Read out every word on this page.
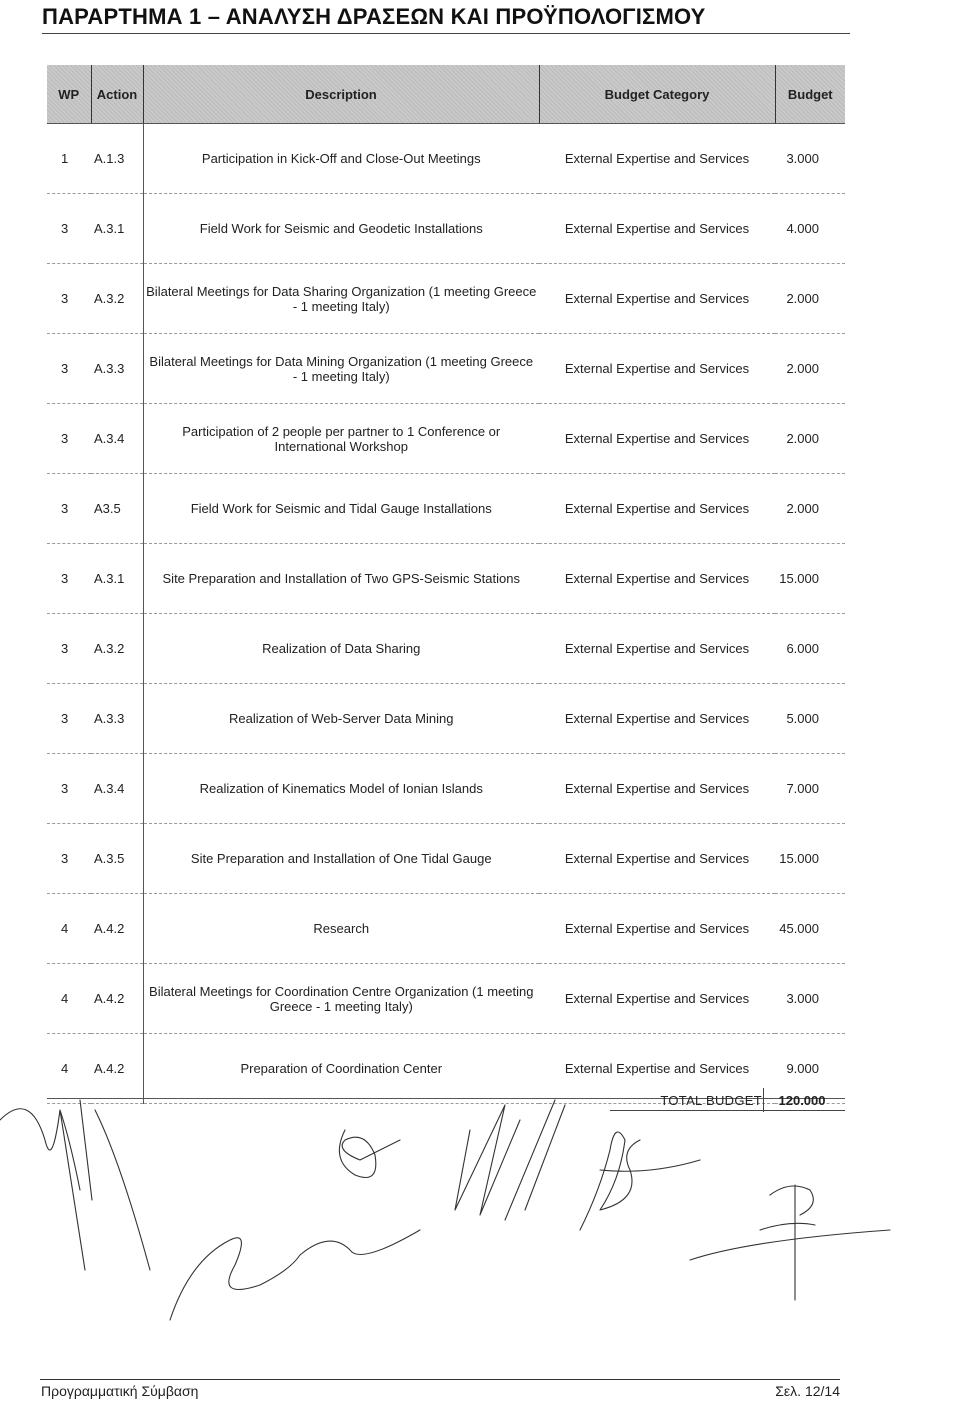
ΠΑΡΑΡΤΗΜΑ 1 – ΑΝΑΛΥΣΗ ΔΡΑΣΕΩΝ ΚΑΙ ΠΡΟΫΠΟΛΟΓΙΣΜΟΥ
WP	Action	Description	Budget Category	Budget
1	A.1.3	Participation in Kick-Off and Close-Out Meetings	External Expertise and Services	3.000
3	A.3.1	Field Work for Seismic and Geodetic Installations	External Expertise and Services	4.000
3	A.3.2	Bilateral Meetings for Data Sharing Organization (1 meeting Greece - 1 meeting Italy)	External Expertise and Services	2.000
3	A.3.3	Bilateral Meetings for Data Mining Organization (1 meeting Greece - 1 meeting Italy)	External Expertise and Services	2.000
3	A.3.4	Participation of 2 people per partner to 1 Conference or International Workshop	External Expertise and Services	2.000
3	A3.5	Field Work for Seismic and Tidal Gauge Installations	External Expertise and Services	2.000
3	A.3.1	Site Preparation and Installation of Two GPS-Seismic Stations	External Expertise and Services	15.000
3	A.3.2	Realization of Data Sharing	External Expertise and Services	6.000
3	A.3.3	Realization of Web-Server Data Mining	External Expertise and Services	5.000
3	A.3.4	Realization of Kinematics Model of Ionian Islands	External Expertise and Services	7.000
3	A.3.5	Site Preparation and Installation of One Tidal Gauge	External Expertise and Services	15.000
4	A.4.2	Research	External Expertise and Services	45.000
4	A.4.2	Bilateral Meetings for Coordination Centre Organization (1 meeting Greece - 1 meeting Italy)	External Expertise and Services	3.000
4	A.4.2	Preparation of Coordination Center	External Expertise and Services	9.000
TOTAL BUDGET	120.000
Προγραμματική Σύμβαση	Σελ. 12/14
